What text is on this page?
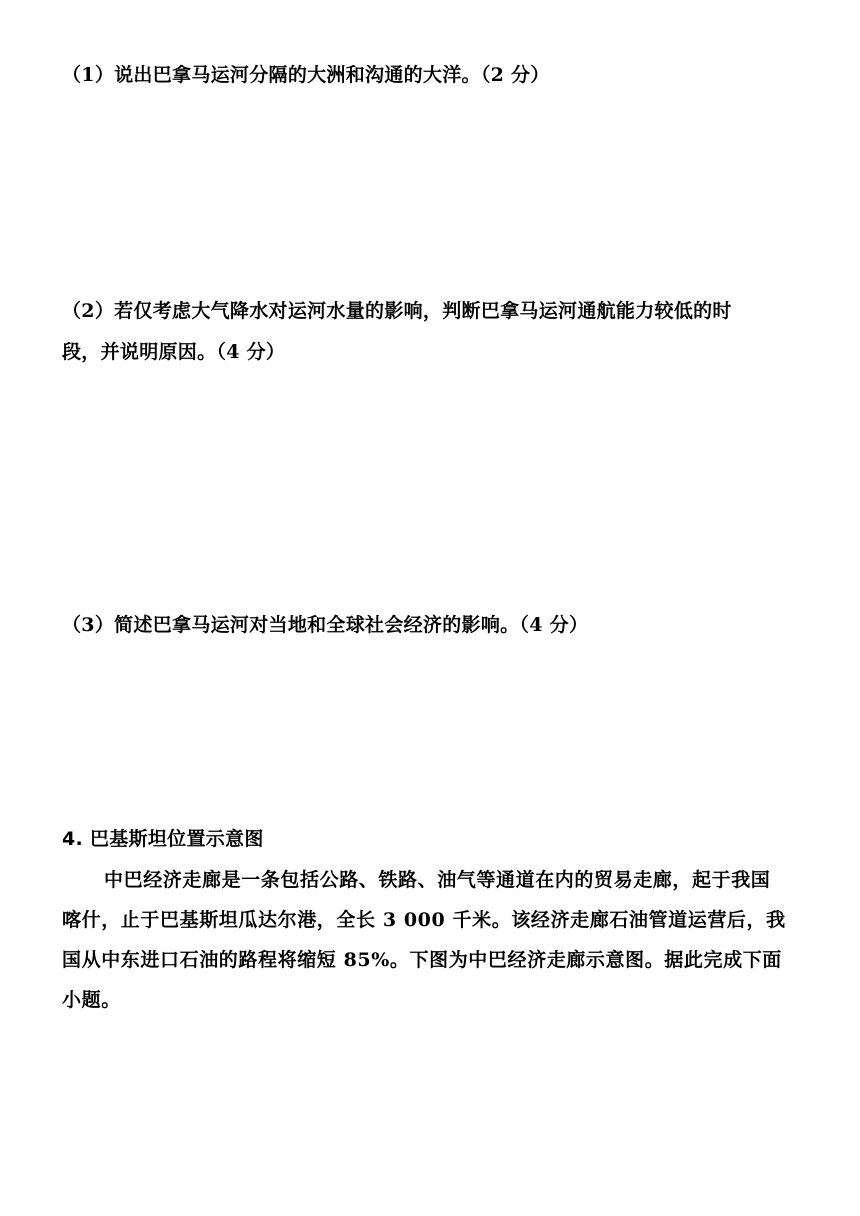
（1）说出巴拿马运河分隔的大洲和沟通的大洋。（2 分）
（2）若仅考虑大气降水对运河水量的影响，判断巴拿马运河通航能力较低的时
段，并说明原因。（4 分）
（3）简述巴拿马运河对当地和全球社会经济的影响。（4 分）
4. 巴基斯坦位置示意图
中巴经济走廊是一条包括公路、铁路、油气等通道在内的贸易走廊，起于我国
喀什，止于巴基斯坦瓜达尔港，全长 3 000 千米。该经济走廊石油管道运营后，我
国从中东进口石油的路程将缩短 85%。下图为中巴经济走廊示意图。据此完成下面
小题。
